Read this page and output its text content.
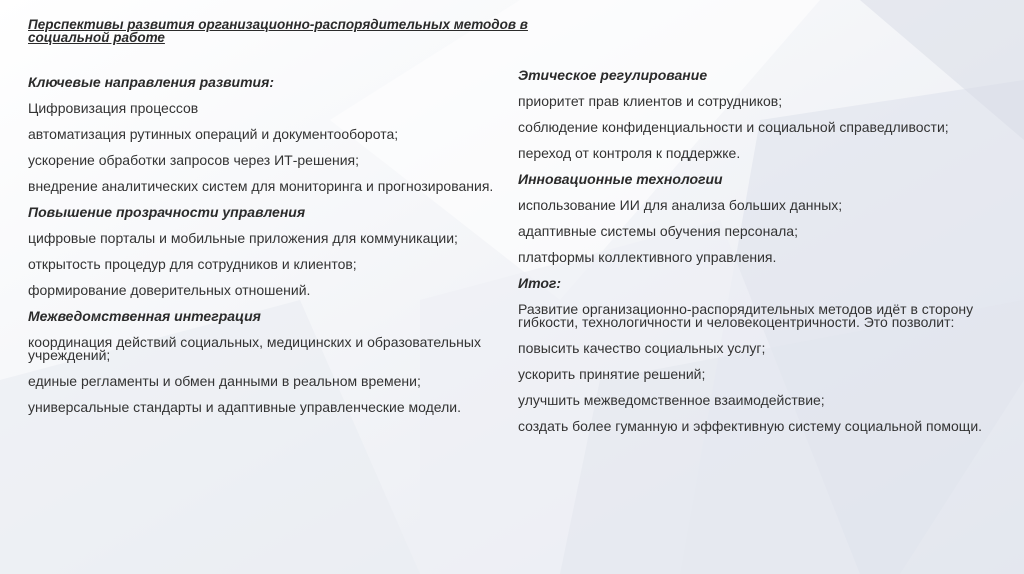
Перспективы развития организационно-распорядительных методов в социальной работе
Ключевые направления развития:
Цифровизация процессов
автоматизация рутинных операций и документооборота;
ускорение обработки запросов через ИТ-решения;
внедрение аналитических систем для мониторинга и прогнозирования.
Повышение прозрачности управления
цифровые порталы и мобильные приложения для коммуникации;
открытость процедур для сотрудников и клиентов;
формирование доверительных отношений.
Межведомственная интеграция
координация действий социальных, медицинских и образовательных учреждений;
единые регламенты и обмен данными в реальном времени;
универсальные стандарты и адаптивные управленческие модели.
Этическое регулирование
приоритет прав клиентов и сотрудников;
соблюдение конфиденциальности и социальной справедливости;
переход от контроля к поддержке.
Инновационные технологии
использование ИИ для анализа больших данных;
адаптивные системы обучения персонала;
платформы коллективного управления.
Итог:
Развитие организационно-распорядительных методов идёт в сторону гибкости, технологичности и человекоцентричности. Это позволит:
повысить качество социальных услуг;
ускорить принятие решений;
улучшить межведомственное взаимодействие;
создать более гуманную и эффективную систему социальной помощи.
